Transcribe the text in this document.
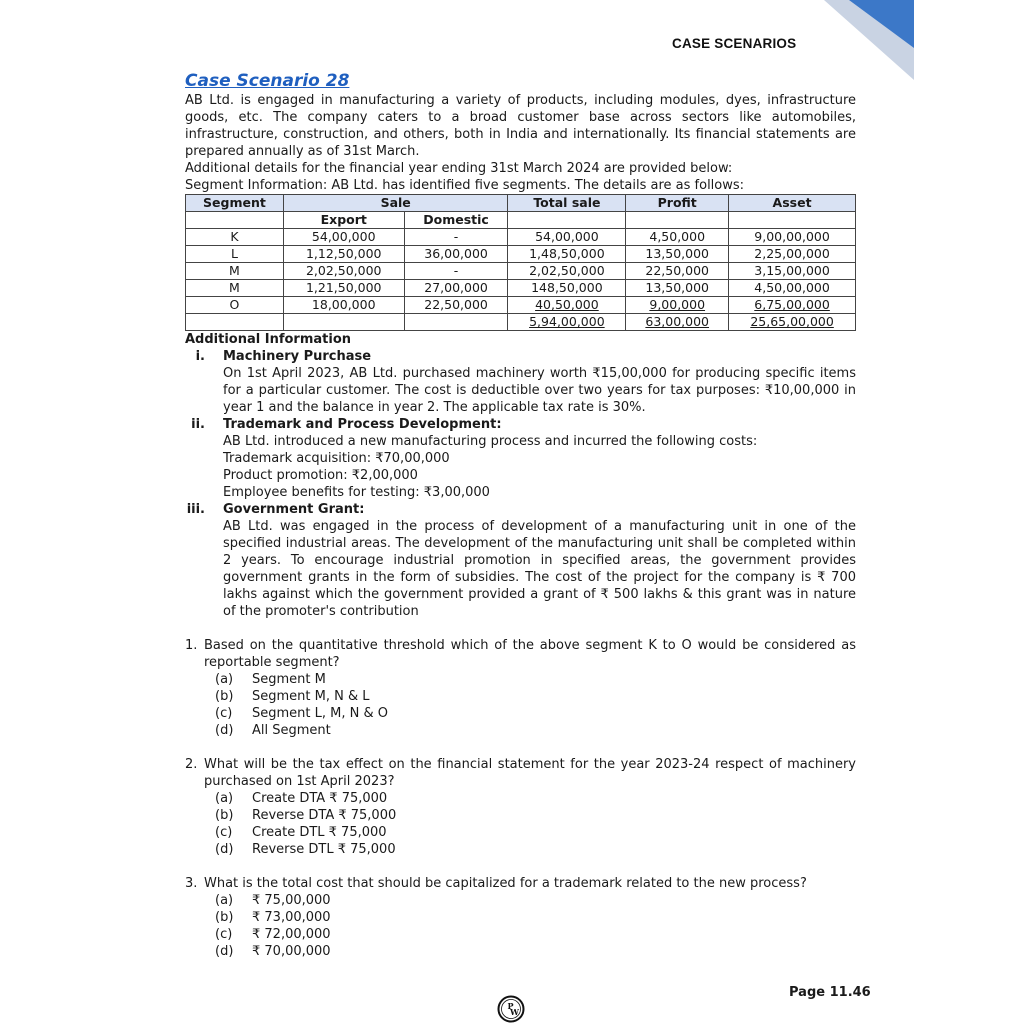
CASE SCENARIOS

Case Scenario 28

AB Ltd. is engaged in manufacturing a variety of products, including modules, dyes, infrastructure goods, etc. The company caters to a broad customer base across sectors like automobiles, infrastructure, construction, and others, both in India and internationally. Its financial statements are prepared annually as of 31st March.

Additional details for the financial year ending 31st March 2024 are provided below:

Segment Information: AB Ltd. has identified five segments. The details are as follows:

Segment	Sale		Total sale	Profit	Asset
	Export	Domestic			
K	54,00,000	-	54,00,000	4,50,000	9,00,00,000
L	1,12,50,000	36,00,000	1,48,50,000	13,50,000	2,25,00,000
M	2,02,50,000	-	2,02,50,000	22,50,000	3,15,00,000
M	1,21,50,000	27,00,000	148,50,000	13,50,000	4,50,00,000
O	18,00,000	22,50,000	40,50,000	9,00,000	6,75,00,000
			5,94,00,000	63,00,000	25,65,00,000

Additional Information

i.	Machinery Purchase

On 1st April 2023, AB Ltd. purchased machinery worth ₹15,00,000 for producing specific items for a particular customer. The cost is deductible over two years for tax purposes: ₹10,00,000 in year 1 and the balance in year 2. The applicable tax rate is 30%.

ii.	Trademark and Process Development:

AB Ltd. introduced a new manufacturing process and incurred the following costs:

Trademark acquisition: ₹70,00,000

Product promotion: ₹2,00,000

Employee benefits for testing: ₹3,00,000

iii.	Government Grant:

AB Ltd. was engaged in the process of development of a manufacturing unit in one of the specified industrial areas. The development of the manufacturing unit shall be completed within 2 years. To encourage industrial promotion in specified areas, the government provides government grants in the form of subsidies. The cost of the project for the company is ₹ 700 lakhs against which the government provided a grant of ₹ 500 lakhs & this grant was in nature of the promoter's contribution

1. Based on the quantitative threshold which of the above segment K to O would be considered as reportable segment?
(a)	Segment M
(b)	Segment M, N & L
(c)	Segment L, M, N & O
(d)	All Segment
2. What will be the tax effect on the financial statement for the year 2023-24 respect of machinery purchased on 1st April 2023?
(a)	Create DTA ₹ 75,000
(b)	Reverse DTA ₹ 75,000
(c)	Create DTL ₹ 75,000
(d)	Reverse DTL ₹ 75,000
3. What is the total cost that should be capitalized for a trademark related to the new process?
(a)	₹ 75,00,000
(b)	₹ 73,00,000
(c)	₹ 72,00,000
(d)	₹ 70,00,000
Page 11.46
P
W
